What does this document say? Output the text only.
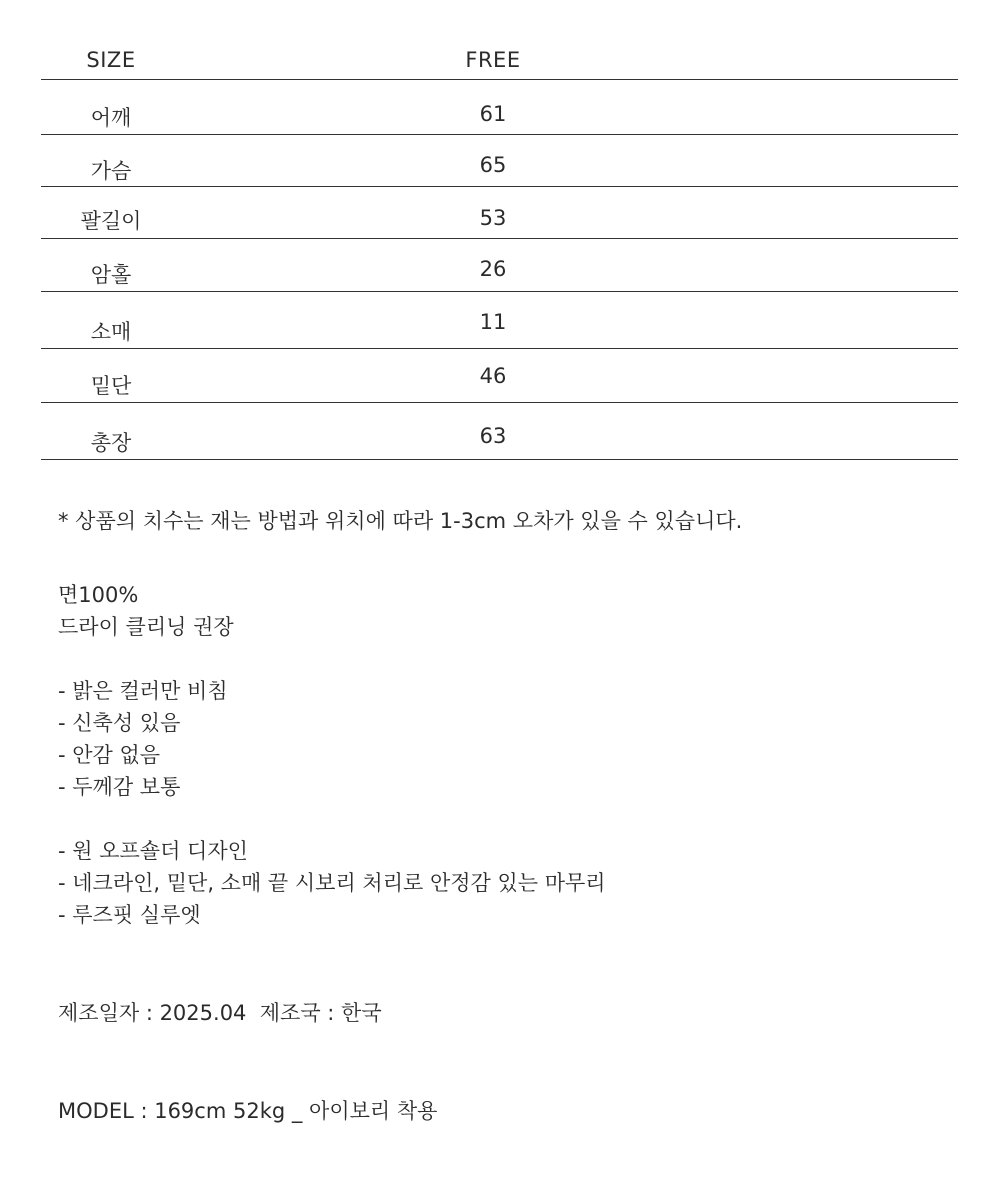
SIZE	FREE
어깨	61
가슴	65
팔길이	53
암홀	26
소매	11
밑단	46
총장	63

* 상품의 치수는 재는 방법과 위치에 따라 1-3cm 오차가 있을 수 있습니다.

면100%

드라이 클리닝 권장

- 밝은 컬러만 비침

- 신축성 있음

- 안감 없음

- 두께감 보통

- 원 오프숄더 디자인

- 네크라인, 밑단, 소매 끝 시보리 처리로 안정감 있는 마무리

- 루즈핏 실루엣

제조일자 : 2025.04  제조국 : 한국

MODEL : 169cm 52kg _ 아이보리 착용
